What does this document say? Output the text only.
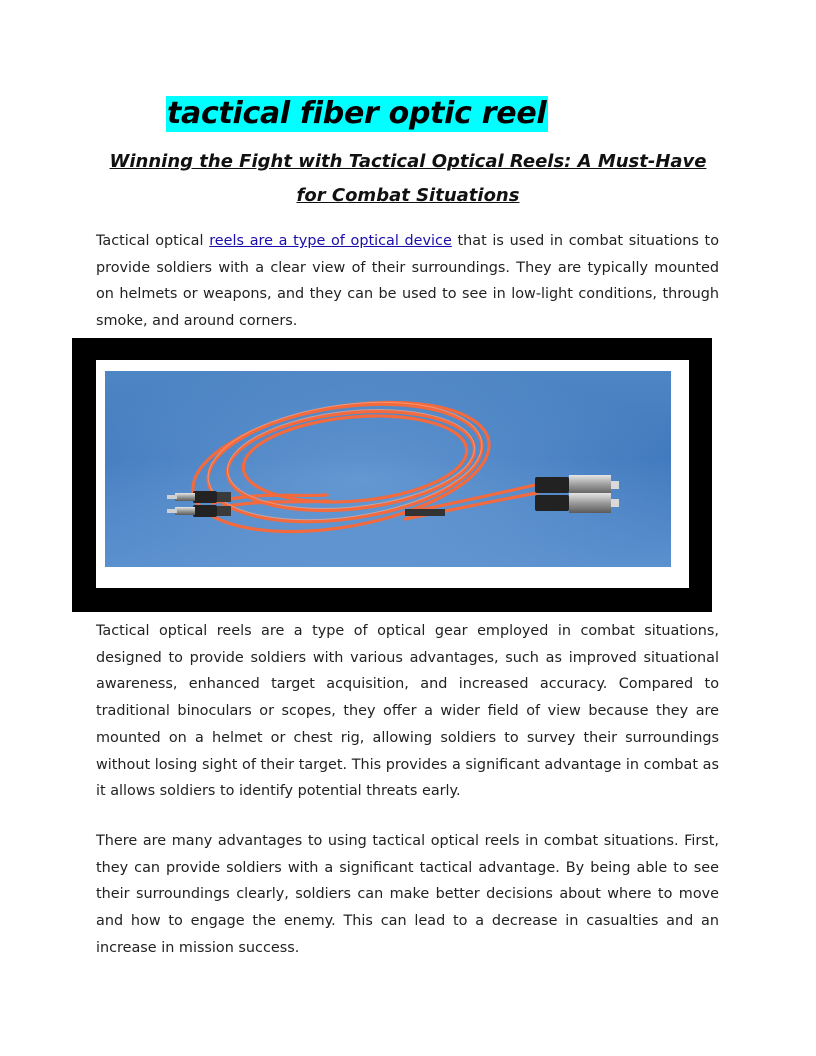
tactical fiber optic reel
Winning the Fight with Tactical Optical Reels: A Must-Have for Combat Situations

Tactical optical reels are a type of optical device that is used in combat situations to provide soldiers with a clear view of their surroundings. They are typically mounted on helmets or weapons, and they can be used to see in low-light conditions, through smoke, and around corners.

Tactical optical reels are a type of optical gear employed in combat situations, designed to provide soldiers with various advantages, such as improved situational awareness, enhanced target acquisition, and increased accuracy. Compared to traditional binoculars or scopes, they offer a wider field of view because they are mounted on a helmet or chest rig, allowing soldiers to survey their surroundings without losing sight of their target. This provides a significant advantage in combat as it allows soldiers to identify potential threats early.

There are many advantages to using tactical optical reels in combat situations. First, they can provide soldiers with a significant tactical advantage. By being able to see their surroundings clearly, soldiers can make better decisions about where to move and how to engage the enemy. This can lead to a decrease in casualties and an increase in mission success.
